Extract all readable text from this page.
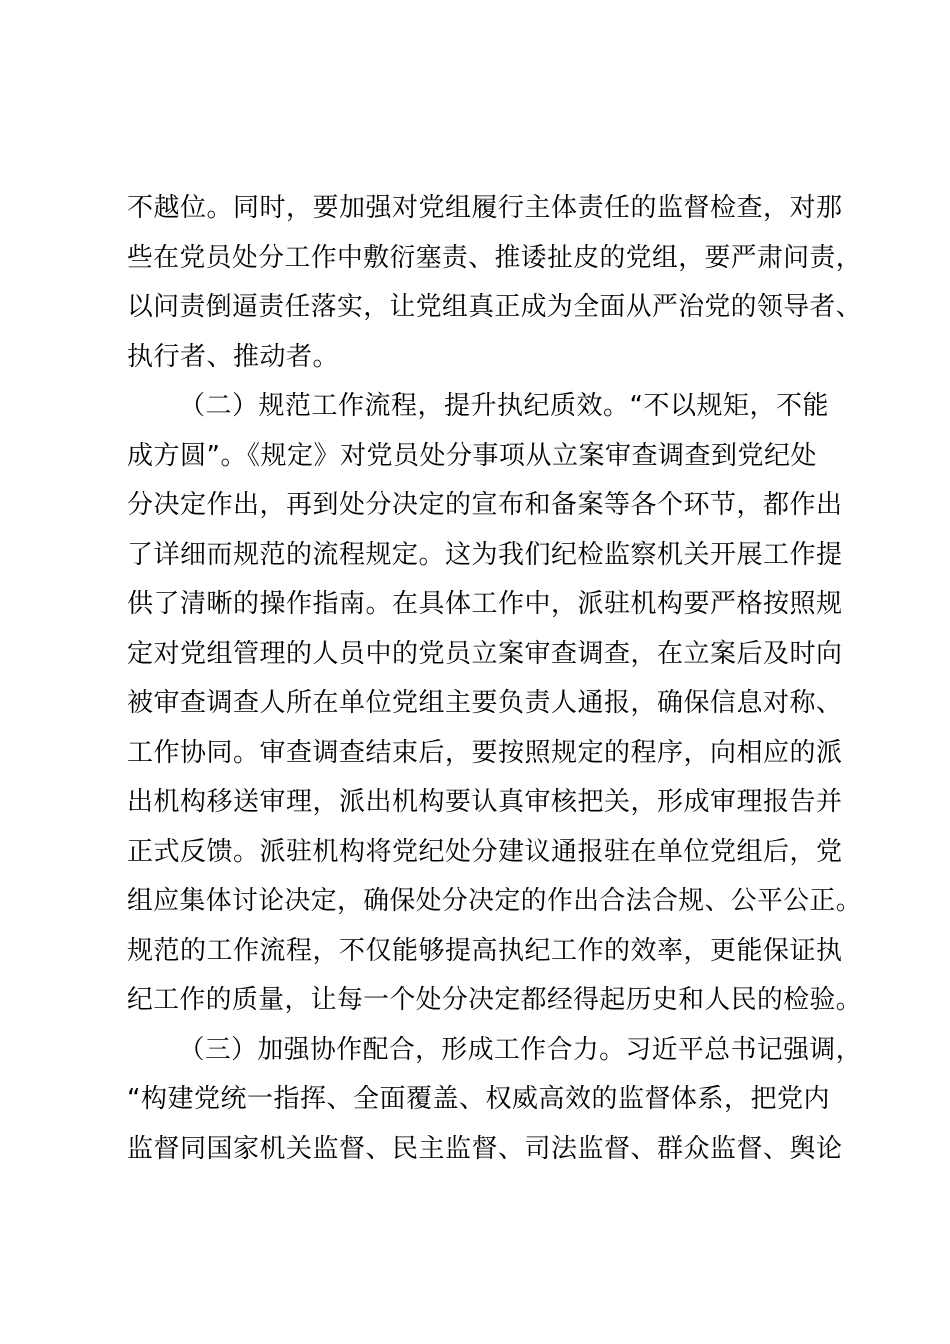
不越位。同时，要加强对党组履行主体责任的监督检查，对那
些在党员处分工作中敷衍塞责、推诿扯皮的党组，要严肃问责，
以问责倒逼责任落实，让党组真正成为全面从严治党的领导者、
执行者、推动者。
（二）规范工作流程，提升执纪质效。“不以规矩，不能
成方圆”。《规定》对党员处分事项从立案审查调查到党纪处
分决定作出，再到处分决定的宣布和备案等各个环节，都作出
了详细而规范的流程规定。这为我们纪检监察机关开展工作提
供了清晰的操作指南。在具体工作中，派驻机构要严格按照规
定对党组管理的人员中的党员立案审查调查，在立案后及时向
被审查调查人所在单位党组主要负责人通报，确保信息对称、
工作协同。审查调查结束后，要按照规定的程序，向相应的派
出机构移送审理，派出机构要认真审核把关，形成审理报告并
正式反馈。派驻机构将党纪处分建议通报驻在单位党组后，党
组应集体讨论决定，确保处分决定的作出合法合规、公平公正。
规范的工作流程，不仅能够提高执纪工作的效率，更能保证执
纪工作的质量，让每一个处分决定都经得起历史和人民的检验。
（三）加强协作配合，形成工作合力。习近平总书记强调，
“构建党统一指挥、全面覆盖、权威高效的监督体系，把党内
监督同国家机关监督、民主监督、司法监督、群众监督、舆论
